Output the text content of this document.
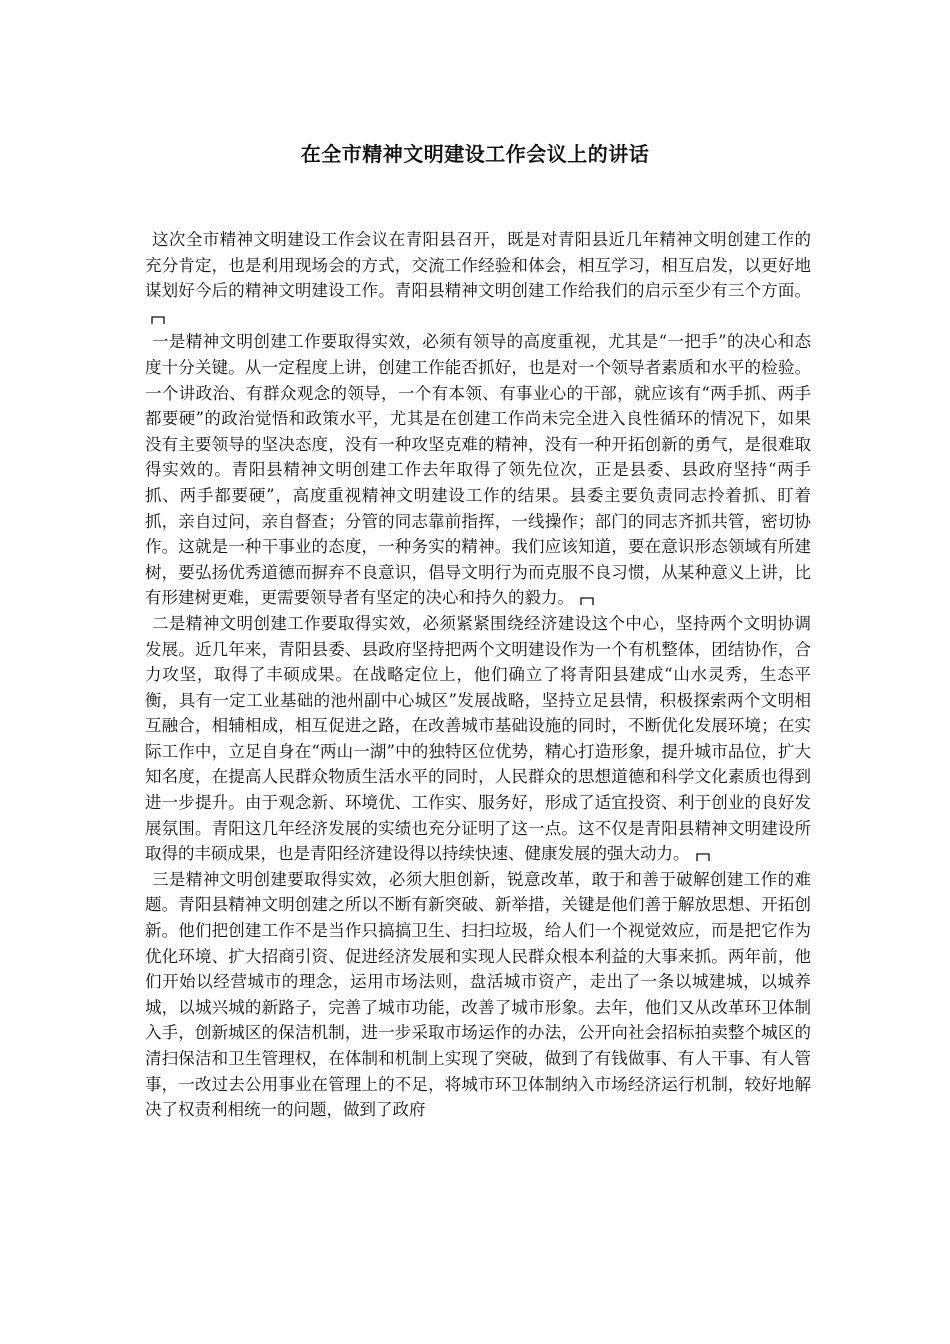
在全市精神文明建设工作会议上的讲话

这次全市精神文明建设工作会议在青阳县召开，既是对青阳县近几年精神文明创建工作的充分肯定，也是利用现场会的方式，交流工作经验和体会，相互学习，相互启发，以更好地谋划好今后的精神文明建设工作。青阳县精神文明创建工作给我们的启示至少有三个方面。

一是精神文明创建工作要取得实效，必须有领导的高度重视，尤其是“一把手”的决心和态度十分关键。从一定程度上讲，创建工作能否抓好，也是对一个领导者素质和水平的检验。一个讲政治、有群众观念的领导，一个有本领、有事业心的干部，就应该有“两手抓、两手都要硬”的政治觉悟和政策水平，尤其是在创建工作尚未完全进入良性循环的情况下，如果没有主要领导的坚决态度，没有一种攻坚克难的精神，没有一种开拓创新的勇气，是很难取得实效的。青阳县精神文明创建工作去年取得了领先位次，正是县委、县政府坚持“两手抓、两手都要硬”，高度重视精神文明建设工作的结果。县委主要负责同志拎着抓、盯着抓，亲自过问，亲自督查；分管的同志靠前指挥，一线操作；部门的同志齐抓共管，密切协作。这就是一种干事业的态度，一种务实的精神。我们应该知道，要在意识形态领域有所建树，要弘扬优秀道德而摒弃不良意识，倡导文明行为而克服不良习惯，从某种意义上讲，比有形建树更难，更需要领导者有坚定的决心和持久的毅力。

二是精神文明创建工作要取得实效，必须紧紧围绕经济建设这个中心，坚持两个文明协调发展。近几年来，青阳县委、县政府坚持把两个文明建设作为一个有机整体，团结协作，合力攻坚，取得了丰硕成果。在战略定位上，他们确立了将青阳县建成“山水灵秀，生态平衡，具有一定工业基础的池州副中心城区”发展战略，坚持立足县情，积极探索两个文明相互融合，相辅相成，相互促进之路，在改善城市基础设施的同时，不断优化发展环境；在实际工作中，立足自身在“两山一湖”中的独特区位优势，精心打造形象，提升城市品位，扩大知名度，在提高人民群众物质生活水平的同时，人民群众的思想道德和科学文化素质也得到进一步提升。由于观念新、环境优、工作实、服务好，形成了适宜投资、利于创业的良好发展氛围。青阳这几年经济发展的实绩也充分证明了这一点。这不仅是青阳县精神文明建设所取得的丰硕成果，也是青阳经济建设得以持续快速、健康发展的强大动力。

三是精神文明创建要取得实效，必须大胆创新，锐意改革，敢于和善于破解创建工作的难题。青阳县精神文明创建之所以不断有新突破、新举措，关键是他们善于解放思想、开拓创新。他们把创建工作不是当作只搞搞卫生、扫扫垃圾，给人们一个视觉效应，而是把它作为优化环境、扩大招商引资、促进经济发展和实现人民群众根本利益的大事来抓。两年前，他们开始以经营城市的理念，运用市场法则，盘活城市资产，走出了一条以城建城，以城养城，以城兴城的新路子，完善了城市功能，改善了城市形象。去年，他们又从改革环卫体制入手，创新城区的保洁机制，进一步采取市场运作的办法，公开向社会招标拍卖整个城区的清扫保洁和卫生管理权，在体制和机制上实现了突破，做到了有钱做事、有人干事、有人管事，一改过去公用事业在管理上的不足，将城市环卫体制纳入市场经济运行机制，较好地解决了权责利相统一的问题，做到了政府
